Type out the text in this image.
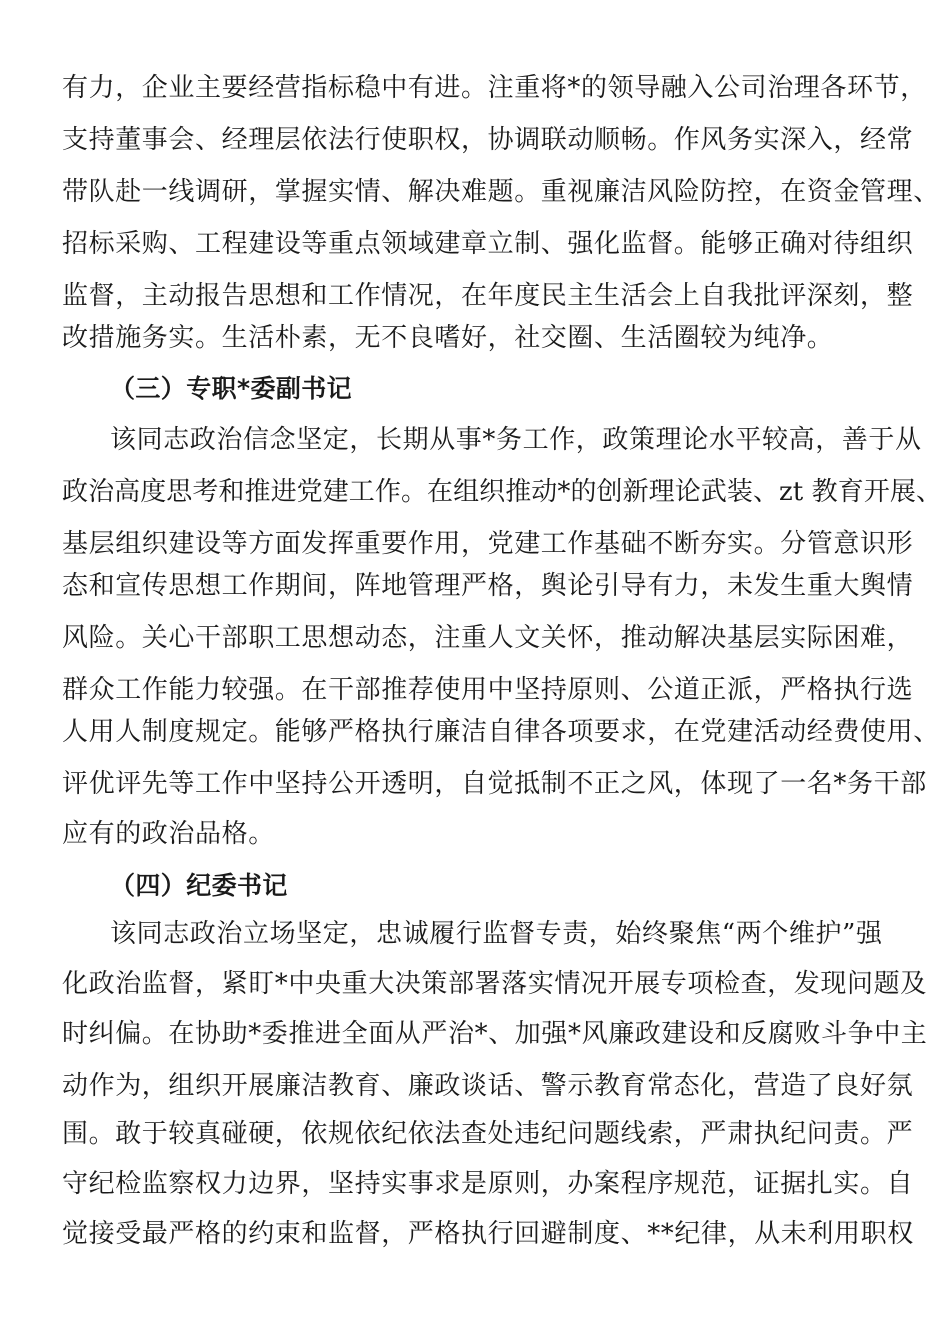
有力，企业主要经营指标稳中有进。注重将*的领导融入公司治理各环节，
支持董事会、经理层依法行使职权，协调联动顺畅。作风务实深入，经常
带队赴一线调研，掌握实情、解决难题。重视廉洁风险防控，在资金管理、
招标采购、工程建设等重点领域建章立制、强化监督。能够正确对待组织
监督，主动报告思想和工作情况，在年度民主生活会上自我批评深刻，整
改措施务实。生活朴素，无不良嗜好，社交圈、生活圈较为纯净。
（三）专职*委副书记
该同志政治信念坚定，长期从事*务工作，政策理论水平较高，善于从
政治高度思考和推进党建工作。在组织推动*的创新理论武装、zt 教育开展、
基层组织建设等方面发挥重要作用，党建工作基础不断夯实。分管意识形
态和宣传思想工作期间，阵地管理严格，舆论引导有力，未发生重大舆情
风险。关心干部职工思想动态，注重人文关怀，推动解决基层实际困难，
群众工作能力较强。在干部推荐使用中坚持原则、公道正派，严格执行选
人用人制度规定。能够严格执行廉洁自律各项要求，在党建活动经费使用、
评优评先等工作中坚持公开透明，自觉抵制不正之风，体现了一名*务干部
应有的政治品格。
（四）纪委书记
该同志政治立场坚定，忠诚履行监督专责，始终聚焦“两个维护”强
化政治监督，紧盯*中央重大决策部署落实情况开展专项检查，发现问题及
时纠偏。在协助*委推进全面从严治*、加强*风廉政建设和反腐败斗争中主
动作为，组织开展廉洁教育、廉政谈话、警示教育常态化，营造了良好氛
围。敢于较真碰硬，依规依纪依法查处违纪问题线索，严肃执纪问责。严
守纪检监察权力边界，坚持实事求是原则，办案程序规范，证据扎实。自
觉接受最严格的约束和监督，严格执行回避制度、**纪律，从未利用职权
